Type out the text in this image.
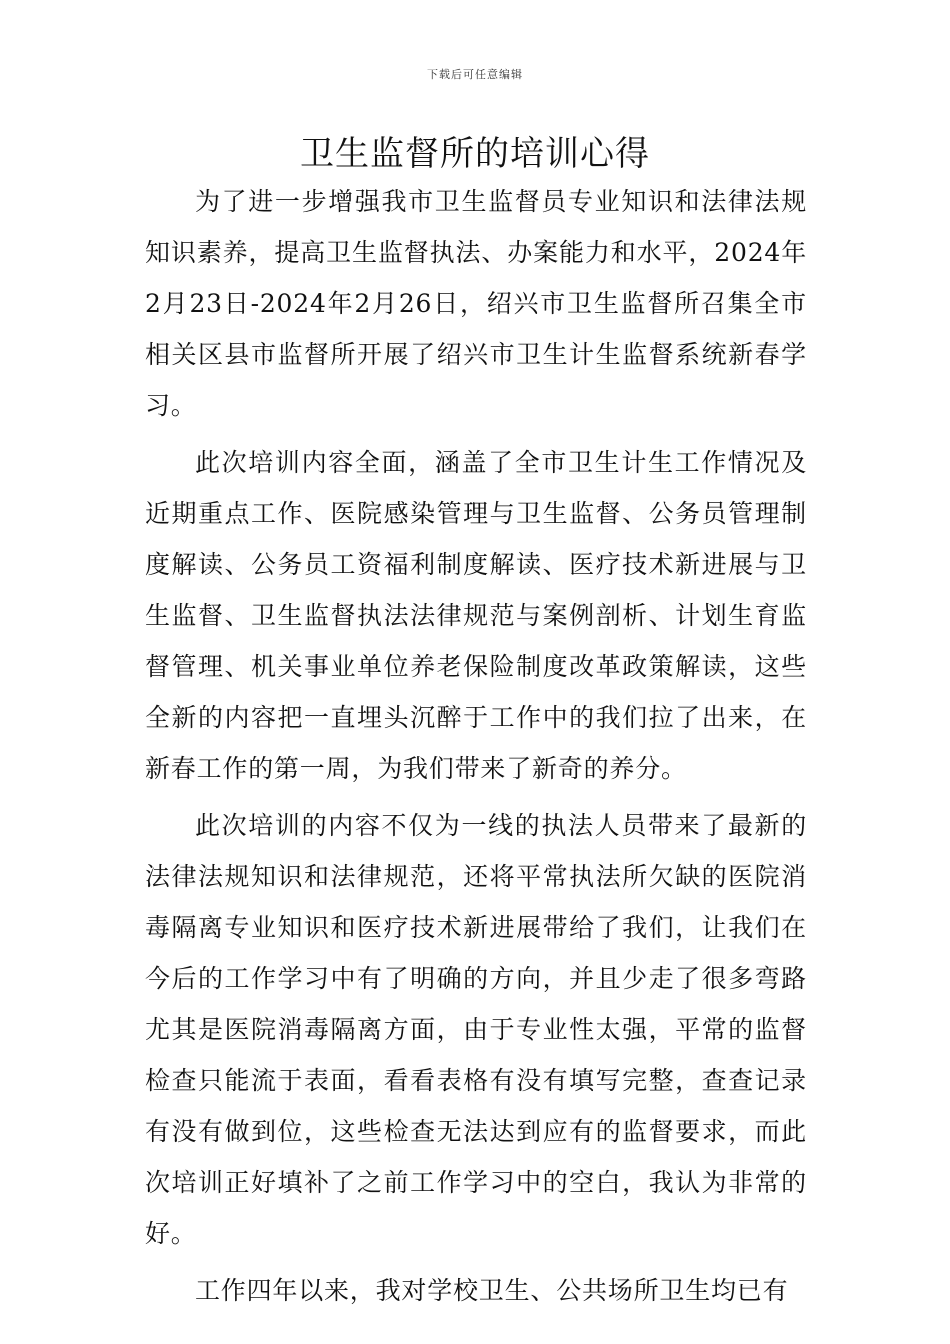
下载后可任意编辑
卫生监督所的培训心得

为了进一步增强我市卫生监督员专业知识和法律法规知识素养，提高卫生监督执法、办案能力和水平，2024年2月23日-2024年2月26日，绍兴市卫生监督所召集全市相关区县市监督所开展了绍兴市卫生计生监督系统新春学习。

此次培训内容全面，涵盖了全市卫生计生工作情况及近期重点工作、医院感染管理与卫生监督、公务员管理制度解读、公务员工资福利制度解读、医疗技术新进展与卫生监督、卫生监督执法法律规范与案例剖析、计划生育监督管理、机关事业单位养老保险制度改革政策解读，这些全新的内容把一直埋头沉醉于工作中的我们拉了出来，在新春工作的第一周，为我们带来了新奇的养分。

此次培训的内容不仅为一线的执法人员带来了最新的法律法规知识和法律规范，还将平常执法所欠缺的医院消毒隔离专业知识和医疗技术新进展带给了我们，让我们在今后的工作学习中有了明确的方向，并且少走了很多弯路尤其是医院消毒隔离方面，由于专业性太强，平常的监督检查只能流于表面，看看表格有没有填写完整，查查记录有没有做到位，这些检查无法达到应有的监督要求，而此次培训正好填补了之前工作学习中的空白，我认为非常的好。

工作四年以来，我对学校卫生、公共场所卫生均已有
